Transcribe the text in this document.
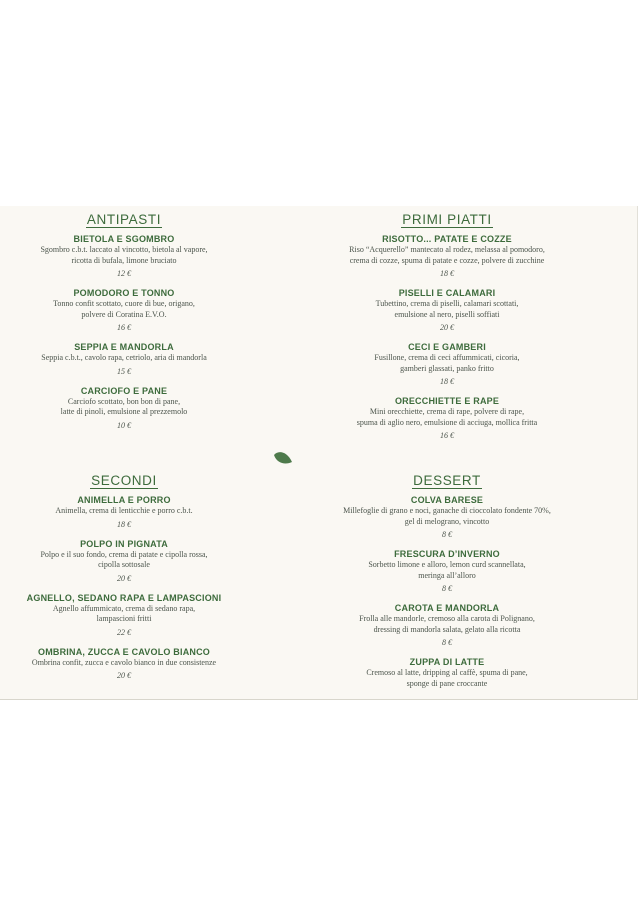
ANTIPASTI
BIETOLA E SGOMBRO
Sgombro c.b.t. laccato al vincotto, bietola al vapore,
ricotta di bufala, limone bruciato
12 €
POMODORO E TONNO
Tonno confit scottato, cuore di bue, origano,
polvere di Coratina E.V.O.
16 €
SEPPIA E MANDORLA
Seppia c.b.t., cavolo rapa, cetriolo, aria di mandorla
15 €
CARCIOFO E PANE
Carciofo scottato, bon bon di pane,
latte di pinoli, emulsione al prezzemolo
10 €
SECONDI
ANIMELLA E PORRO
Animella, crema di lenticchie e porro c.b.t.
18 €
POLPO IN PIGNATA
Polpo e il suo fondo, crema di patate e cipolla rossa,
cipolla sottosale
20 €
AGNELLO, SEDANO RAPA E LAMPASCIONI
Agnello affummicato, crema di sedano rapa,
lampascioni fritti
22 €
OMBRINA, ZUCCA E CAVOLO BIANCO
Ombrina confit, zucca e cavolo bianco in due consistenze
20 €
PRIMI PIATTI
RISOTTO... PATATE E COZZE
Riso “Acquerello” mantecato al rodez, melassa al pomodoro,
crema di cozze, spuma di patate e cozze, polvere di zucchine
18 €
PISELLI E CALAMARI
Tubettino, crema di piselli, calamari scottati,
emulsione al nero, piselli soffiati
20 €
CECI E GAMBERI
Fusillone, crema di ceci affummicati, cicoria,
gamberi glassati, panko fritto
18 €
ORECCHIETTE E RAPE
Mini orecchiette, crema di rape, polvere di rape,
spuma di aglio nero, emulsione di acciuga, mollica fritta
16 €
DESSERT
COLVA BARESE
Millefoglie di grano e noci, ganache di cioccolato fondente 70%,
gel di melograno, vincotto
8 €
FRESCURA D’INVERNO
Sorbetto limone e alloro, lemon curd scannellata,
meringa all’alloro
8 €
CAROTA E MANDORLA
Frolla alle mandorle, cremoso alla carota di Polignano,
dressing di mandorla salata, gelato alla ricotta
8 €
ZUPPA DI LATTE
Cremoso al latte, dripping al caffè, spuma di pane,
sponge di pane croccante
